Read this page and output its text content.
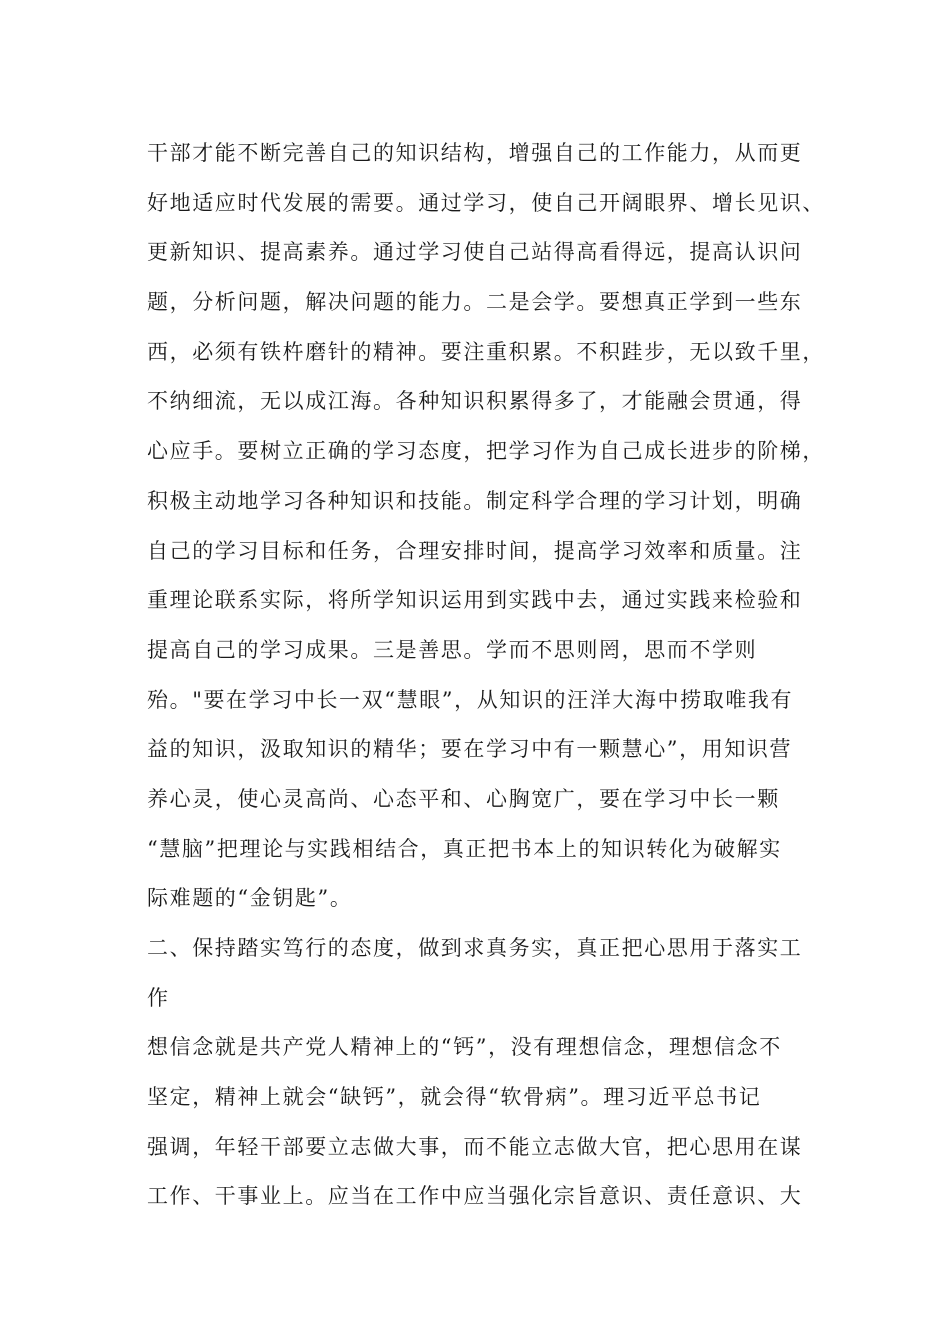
干部才能不断完善自己的知识结构，增强自己的工作能力，从而更
好地适应时代发展的需要。通过学习，使自己开阔眼界、增长见识、
更新知识、提高素养。通过学习使自己站得高看得远，提高认识问
题，分析问题，解决问题的能力。二是会学。要想真正学到一些东
西，必须有铁杵磨针的精神。要注重积累。不积跬步，无以致千里，
不纳细流，无以成江海。各种知识积累得多了，才能融会贯通，得
心应手。要树立正确的学习态度，把学习作为自己成长进步的阶梯，
积极主动地学习各种知识和技能。制定科学合理的学习计划，明确
自己的学习目标和任务，合理安排时间，提高学习效率和质量。注
重理论联系实际，将所学知识运用到实践中去，通过实践来检验和
提高自己的学习成果。三是善思。学而不思则罔，思而不学则
殆。"要在学习中长一双“慧眼”，从知识的汪洋大海中捞取唯我有
益的知识，汲取知识的精华；要在学习中有一颗慧心”，用知识营
养心灵，使心灵高尚、心态平和、心胸宽广，要在学习中长一颗
“慧脑”把理论与实践相结合，真正把书本上的知识转化为破解实
际难题的“金钥匙”。
二、保持踏实笃行的态度，做到求真务实，真正把心思用于落实工
作
想信念就是共产党人精神上的“钙”，没有理想信念，理想信念不
坚定，精神上就会“缺钙”，就会得“软骨病”。理习近平总书记
强调，年轻干部要立志做大事，而不能立志做大官，把心思用在谋
工作、干事业上。应当在工作中应当强化宗旨意识、责任意识、大
